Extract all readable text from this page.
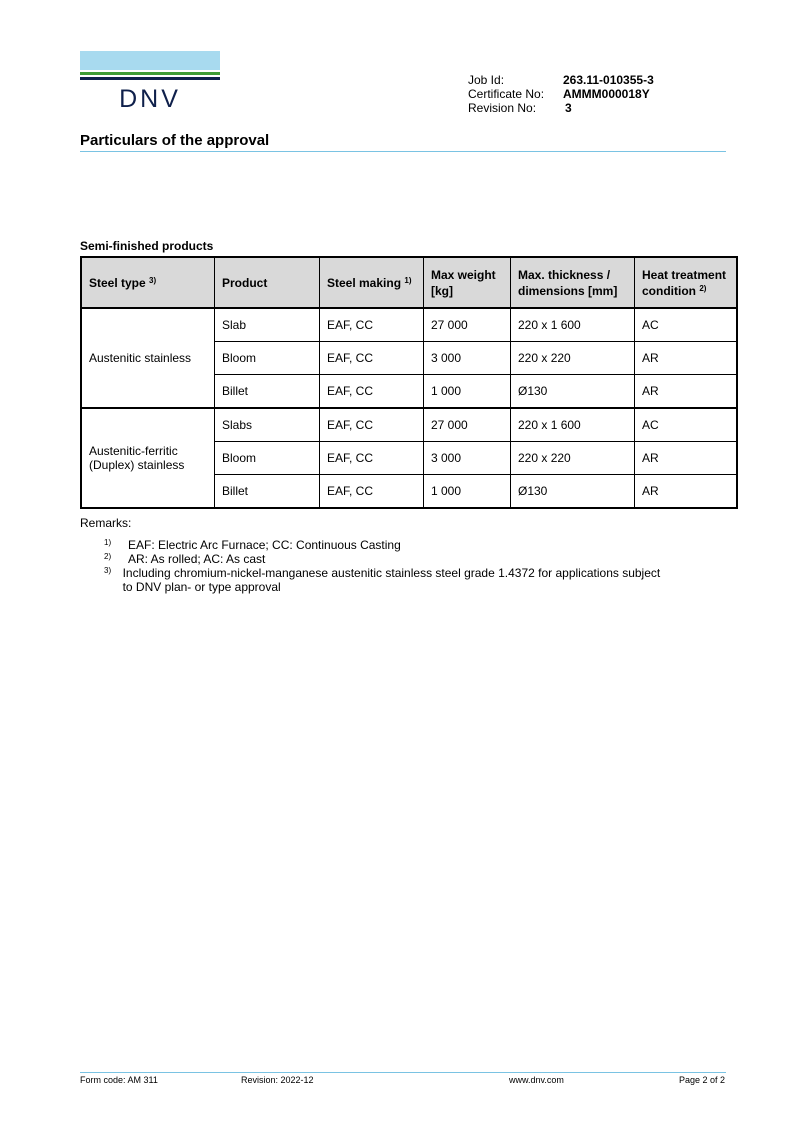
DNV
Job Id:	263.11-010355-3
Certificate No:	AMMM000018Y
Revision No:	3
Particulars of the approval
Semi-finished products
Steel type $^{3)}$	Product	Steel making $^{1)}$	Max weight [kg]	Max. thickness / dimensions [mm]	Heat treatment condition $^{2)}$
Austenitic stainless	Slab	EAF, CC	27 000	220 x 1 600	AC
	Bloom	EAF, CC	3 000	220 x 220	AR
	Billet	EAF, CC	1 000	Ø130	AR
Austenitic-ferritic (Duplex) stainless	Slabs	EAF, CC	27 000	220 x 1 600	AC
	Bloom	EAF, CC	3 000	220 x 220	AR
	Billet	EAF, CC	1 000	Ø130	AR
Remarks:
1)	EAF: Electric Arc Furnace; CC: Continuous Casting
2)	AR: As rolled; AC: As cast
3) Including chromium-nickel-manganese austenitic stainless steel grade 1.4372 for applications subject to DNV plan- or type approval
Form code: AM 311	Revision: 2022-12	www.dnv.com	Page 2 of 2
